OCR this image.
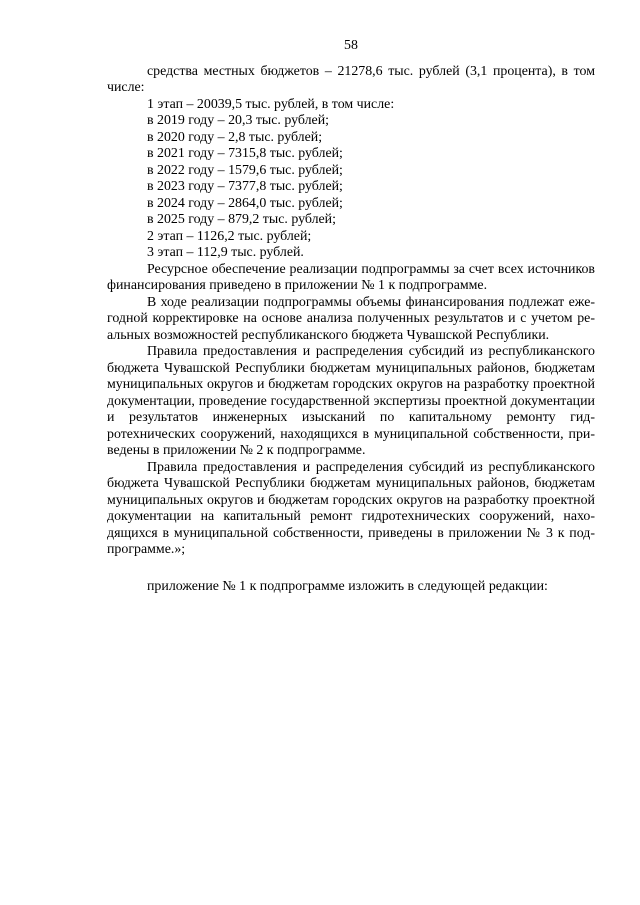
58
средства местных бюджетов – 21278,6 тыс. рублей (3,1 процента), в том числе:
1 этап – 20039,5 тыс. рублей, в том числе:
в 2019 году – 20,3 тыс. рублей;
в 2020 году – 2,8 тыс. рублей;
в 2021 году – 7315,8 тыс. рублей;
в 2022 году – 1579,6 тыс. рублей;
в 2023 году – 7377,8 тыс. рублей;
в 2024 году – 2864,0 тыс. рублей;
в 2025 году – 879,2 тыс. рублей;
2 этап – 1126,2 тыс. рублей;
3 этап – 112,9 тыс. рублей.
Ресурсное обеспечение реализации подпрограммы за счет всех источников финансирования приведено в приложении № 1 к подпрограмме.
В ходе реализации подпрограммы объемы финансирования подлежат ежегодной корректировке на основе анализа полученных результатов и с учетом реальных возможностей республиканского бюджета Чувашской Республики.
Правила предоставления и распределения субсидий из республиканского бюджета Чувашской Республики бюджетам муниципальных районов, бюджетам муниципальных округов и бюджетам городских округов на разработку проектной документации, проведение государственной экспертизы проектной документации и результатов инженерных изысканий по капитальному ремонту гидротехнических сооружений, находящихся в муниципальной собственности, приведены в приложении № 2 к подпрограмме.
Правила предоставления и распределения субсидий из республиканского бюджета Чувашской Республики бюджетам муниципальных районов, бюджетам муниципальных округов и бюджетам городских округов на разработку проектной документации на капитальный ремонт гидротехнических сооружений, находящихся в муниципальной собственности, приведены в приложении № 3 к подпрограмме.»;
приложение № 1 к подпрограмме изложить в следующей редакции:
